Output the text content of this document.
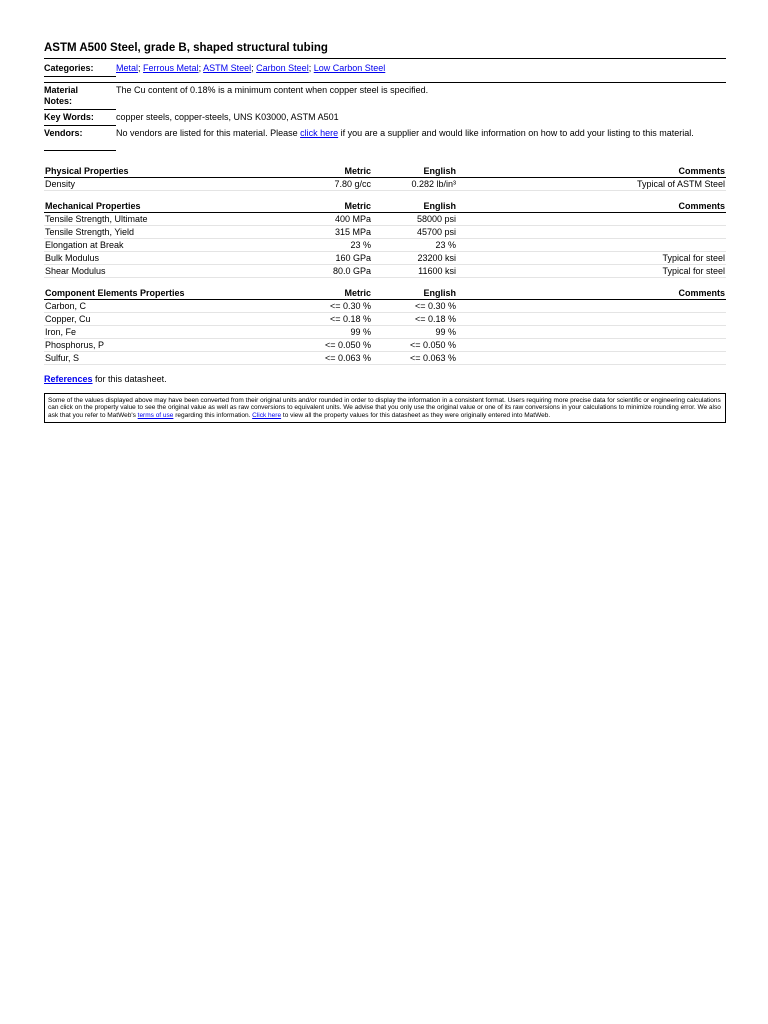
ASTM A500 Steel, grade B, shaped structural tubing
Categories:	Metal; Ferrous Metal; ASTM Steel; Carbon Steel; Low Carbon Steel
Material
Notes:
The Cu content of 0.18% is a minimum content when copper steel is specified.
Key Words:	copper steels, copper-steels, UNS K03000, ASTM A501
Vendors:	No vendors are listed for this material. Please click here if you are a supplier and would like information on how to add your listing to this material.
Physical Properties	Metric	English	Comments
Density	7.80 g/cc	0.282 lb/in³	Typical of ASTM Steel
Mechanical Properties	Metric	English	Comments
Tensile Strength, Ultimate	400 MPa	58000 psi	
Tensile Strength, Yield	315 MPa	45700 psi	
Elongation at Break	23 %	23 %	
Bulk Modulus	160 GPa	23200 ksi	Typical for steel
Shear Modulus	80.0 GPa	11600 ksi	Typical for steel
Component Elements Properties	Metric	English	Comments
Carbon, C	<= 0.30 %	<= 0.30 %	
Copper, Cu	<= 0.18 %	<= 0.18 %	
Iron, Fe	99 %	99 %	
Phosphorus, P	<= 0.050 %	<= 0.050 %	
Sulfur, S	<= 0.063 %	<= 0.063 %	
References for this datasheet.
Some of the values displayed above may have been converted from their original units and/or rounded in order to display the information in a consistent format. Users requiring more precise data for scientific or engineering calculations can click on the property value to see the original value as well as raw conversions to equivalent units. We advise that you only use the original value or one of its raw conversions in your calculations to minimize rounding error. We also ask that you refer to MatWeb's terms of use regarding this information. Click here to view all the property values for this datasheet as they were originally entered into MatWeb.
